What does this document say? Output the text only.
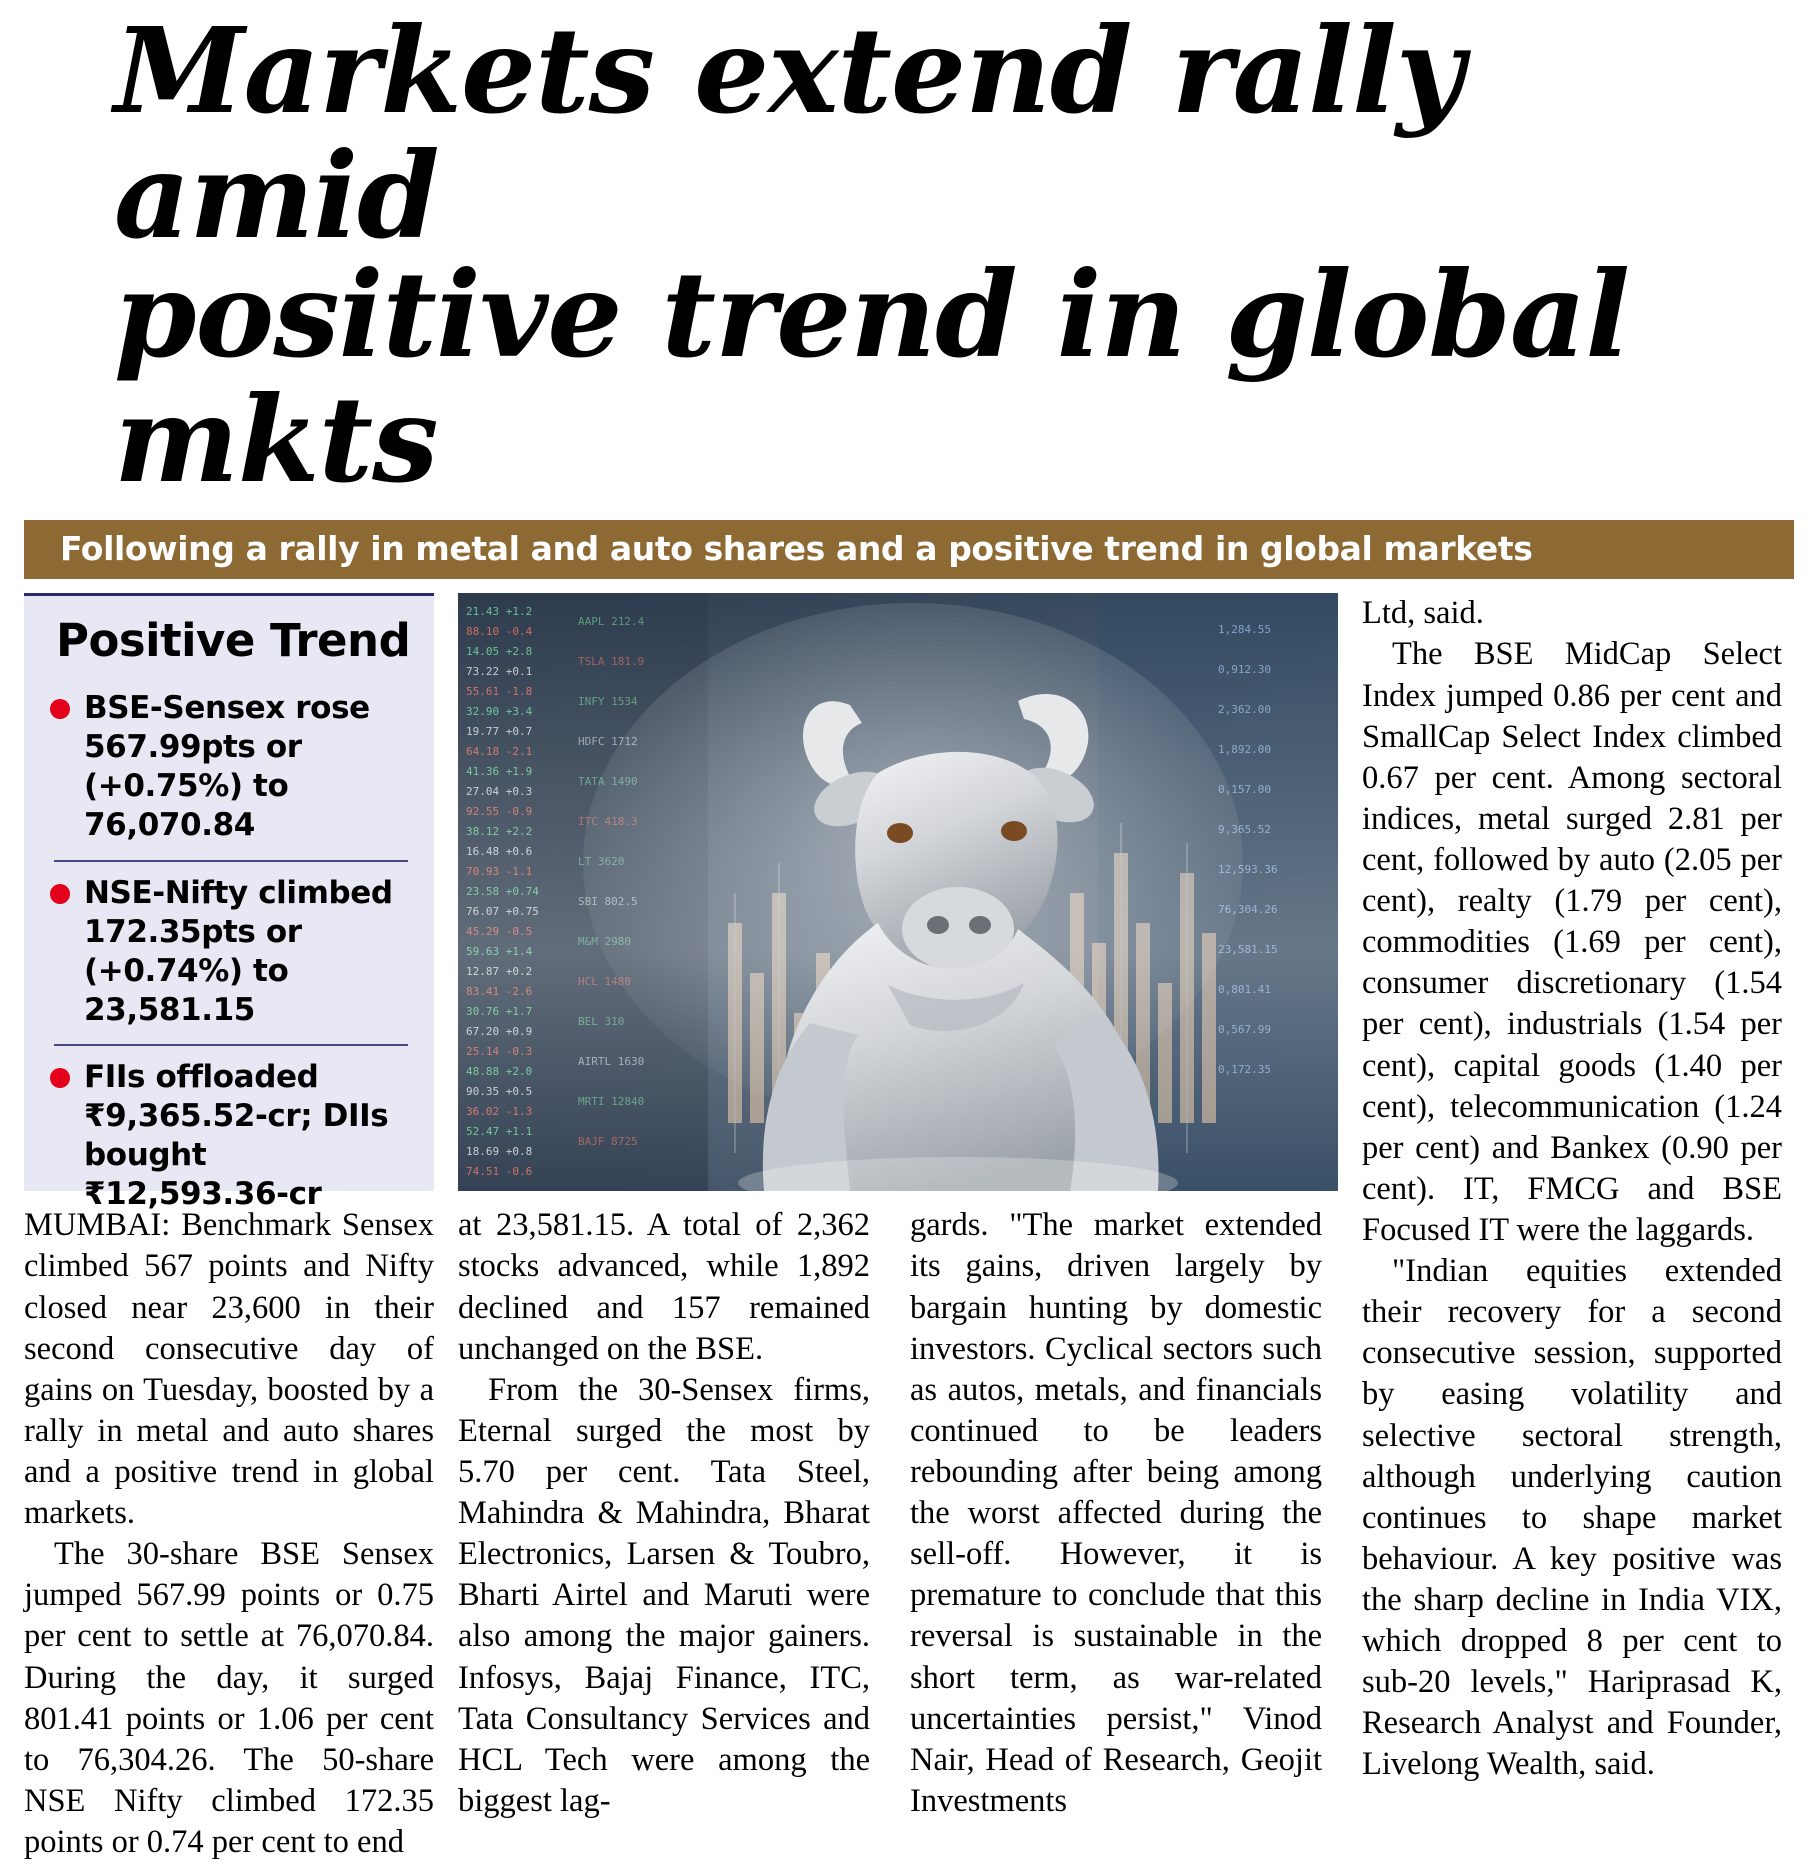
Markets extend rally amid
positive trend in global mkts
Following a rally in metal and auto shares and a positive trend in global markets
Positive Trend
BSE-Sensex rose 567.99pts or (+0.75%) to 76,070.84
NSE-Nifty climbed 172.35pts or (+0.74%) to 23,581.15
FIIs offloaded ₹9,365.52-cr; DIIs bought ₹12,593.36-cr

MUMBAI: Benchmark Sensex climbed 567 points and Nifty closed near 23,600 in their second consecutive day of gains on Tuesday, boosted by a rally in metal and auto shares and a positive trend in global markets.

The 30-share BSE Sensex jumped 567.99 points or 0.75 per cent to settle at 76,070.84. During the day, it surged 801.41 points or 1.06 per cent to 76,304.26. The 50-share NSE Nifty climbed 172.35 points or 0.74 per cent to end

at 23,581.15. A total of 2,362 stocks advanced, while 1,892 declined and 157 remained unchanged on the BSE.

From the 30-Sensex firms, Eternal surged the most by 5.70 per cent. Tata Steel, Mahindra & Mahindra, Bharat Electronics, Larsen & Toubro, Bharti Airtel and Maruti were also among the major gainers. Infosys, Bajaj Finance, ITC, Tata Consultancy Services and HCL Tech were among the biggest lag-

gards. "The market extended its gains, driven largely by bargain hunting by domestic investors. Cyclical sectors such as autos, metals, and financials continued to be leaders rebounding after being among the worst affected during the sell-off. However, it is premature to conclude that this reversal is sustainable in the short term, as war-related uncertainties persist," Vinod Nair, Head of Research, Geojit Investments

Ltd, said.

The BSE MidCap Select Index jumped 0.86 per cent and SmallCap Select Index climbed 0.67 per cent. Among sectoral indices, metal surged 2.81 per cent, followed by auto (2.05 per cent), realty (1.79 per cent), commodities (1.69 per cent), consumer discretionary (1.54 per cent), industrials (1.54 per cent), capital goods (1.40 per cent), telecommunication (1.24 per cent) and Bankex (0.90 per cent). IT, FMCG and BSE Focused IT were the laggards.

"Indian equities extended their recovery for a second consecutive session, supported by easing volatility and selective sectoral strength, although underlying caution continues to shape market behaviour. A key positive was the sharp decline in India VIX, which dropped 8 per cent to sub-20 levels," Hariprasad K, Research Analyst and Founder, Livelong Wealth, said.
